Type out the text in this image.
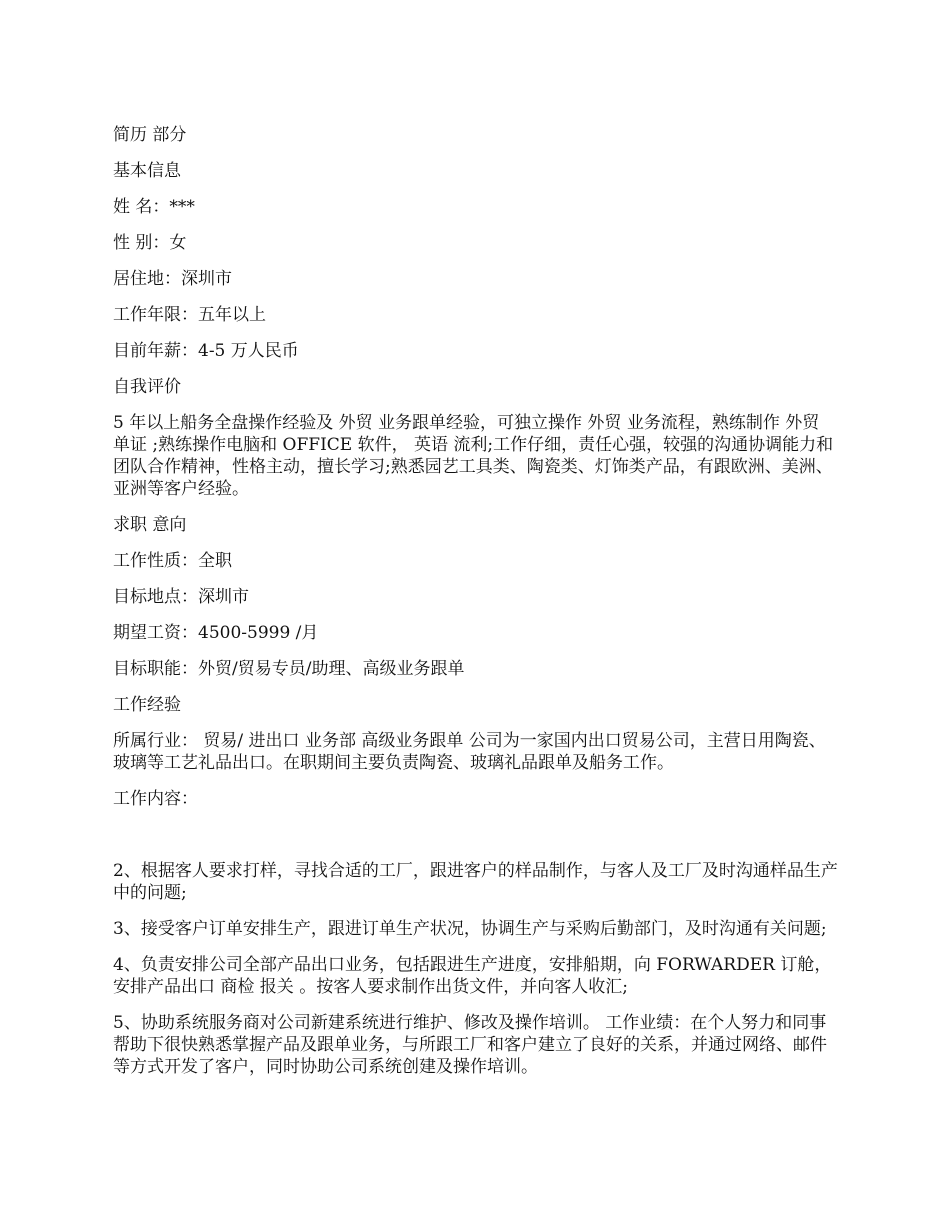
简历 部分

基本信息

姓 名：***

性 别：女

居住地：深圳市

工作年限：五年以上

目前年薪：4-5 万人民币

自我评价

5 年以上船务全盘操作经验及 外贸 业务跟单经验，可独立操作 外贸 业务流程，熟练制作 外贸 单证 ;熟练操作电脑和 OFFICE 软件， 英语 流利;工作仔细，责任心强，较强的沟通协调能力和团队合作精神，性格主动，擅长学习;熟悉园艺工具类、陶瓷类、灯饰类产品，有跟欧洲、美洲、亚洲等客户经验。

求职 意向

工作性质：全职

目标地点：深圳市

期望工资：4500-5999 /月

目标职能：外贸/贸易专员/助理、高级业务跟单

工作经验

所属行业： 贸易/ 进出口 业务部 高级业务跟单 公司为一家国内出口贸易公司，主营日用陶瓷、玻璃等工艺礼品出口。在职期间主要负责陶瓷、玻璃礼品跟单及船务工作。

工作内容：

2、根据客人要求打样，寻找合适的工厂，跟进客户的样品制作，与客人及工厂及时沟通样品生产中的问题;

3、接受客户订单安排生产，跟进订单生产状况，协调生产与采购后勤部门，及时沟通有关问题;

4、负责安排公司全部产品出口业务，包括跟进生产进度，安排船期，向 FORWARDER 订舱，安排产品出口 商检 报关 。按客人要求制作出货文件，并向客人收汇;

5、协助系统服务商对公司新建系统进行维护、修改及操作培训。 工作业绩：在个人努力和同事帮助下很快熟悉掌握产品及跟单业务，与所跟工厂和客户建立了良好的关系，并通过网络、邮件等方式开发了客户，同时协助公司系统创建及操作培训。
